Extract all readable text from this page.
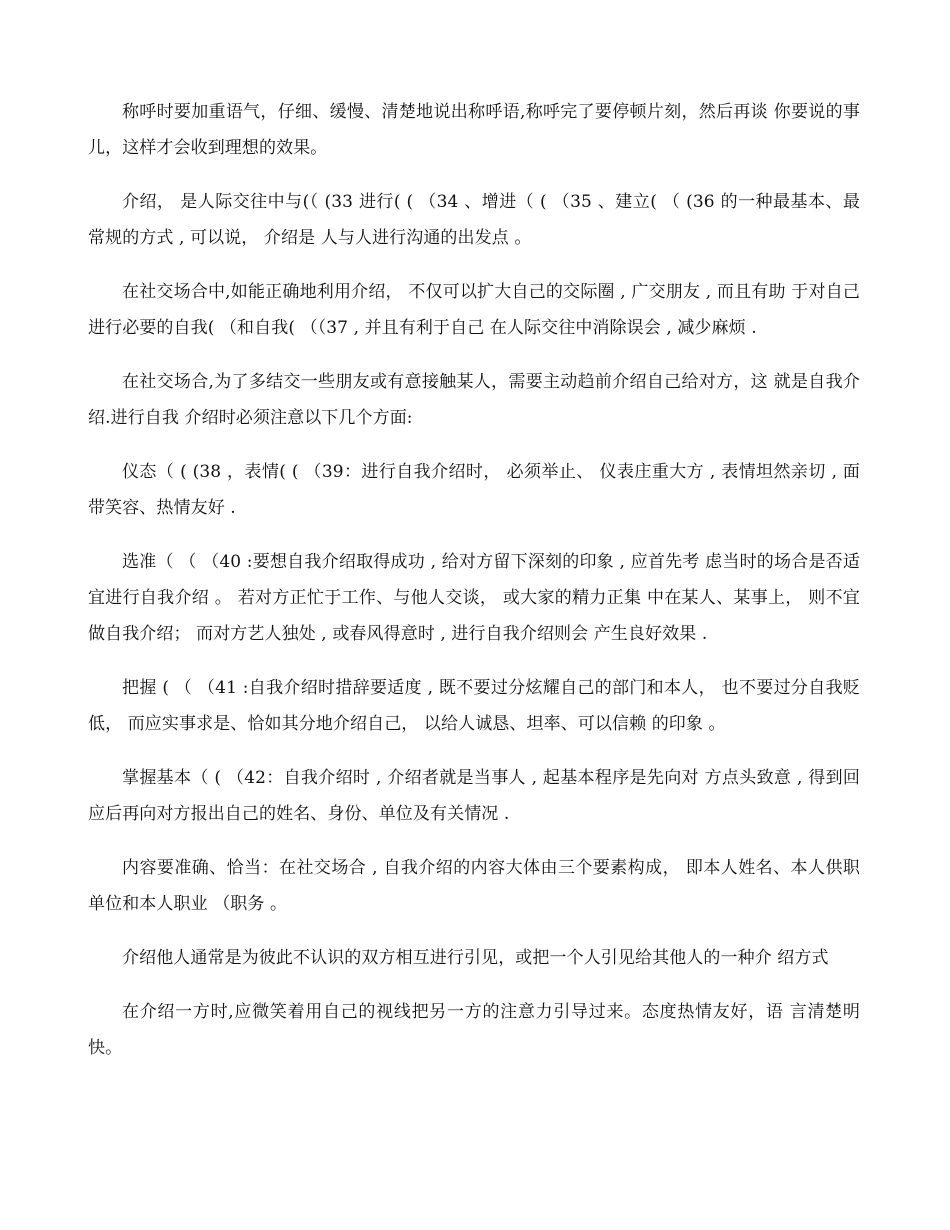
称呼时要加重语气，仔细、缓慢、清楚地说出称呼语,称呼完了要停顿片刻，然后再谈 你要说的事儿，这样才会收到理想的效果。

介绍， 是人际交往中与(（ (33 进行( ( （34 、增进（ ( （35 、建立( （ (36 的一种最基本、最常规的方式 , 可以说， 介绍是 人与人进行沟通的出发点 。

在社交场合中,如能正确地利用介绍， 不仅可以扩大自己的交际圈 , 广交朋友 , 而且有助 于对自己进行必要的自我( （和自我( （（37 , 并且有利于自己 在人际交往中消除误会 , 减少麻烦 .

在社交场合,为了多结交一些朋友或有意接触某人，需要主动趋前介绍自己给对方，这 就是自我介绍.进行自我 介绍时必须注意以下几个方面:

仪态（ ( (38 ，表情( ( （39：进行自我介绍时， 必须举止、 仪表庄重大方 , 表情坦然亲切 , 面带笑容、热情友好 .

选准（ （ （40 :要想自我介绍取得成功 , 给对方留下深刻的印象 , 应首先考 虑当时的场合是否适宜进行自我介绍 。 若对方正忙于工作、与他人交谈， 或大家的精力正集 中在某人、某事上， 则不宜做自我介绍； 而对方艺人独处 , 或春风得意时 , 进行自我介绍则会 产生良好效果 .

把握 ( （ （41 :自我介绍时措辞要适度 , 既不要过分炫耀自己的部门和本人， 也不要过分自我贬低， 而应实事求是、恰如其分地介绍自己， 以给人诚恳、坦率、可以信赖 的印象 。

掌握基本（ ( （42：自我介绍时 , 介绍者就是当事人 , 起基本程序是先向对 方点头致意 , 得到回应后再向对方报出自己的姓名、身份、单位及有关情况 .

内容要准确、恰当：在社交场合 , 自我介绍的内容大体由三个要素构成， 即本人姓名、本人供职单位和本人职业 （职务 。

介绍他人通常是为彼此不认识的双方相互进行引见，或把一个人引见给其他人的一种介 绍方式

在介绍一方时,应微笑着用自己的视线把另一方的注意力引导过来。态度热情友好，语 言清楚明快。
